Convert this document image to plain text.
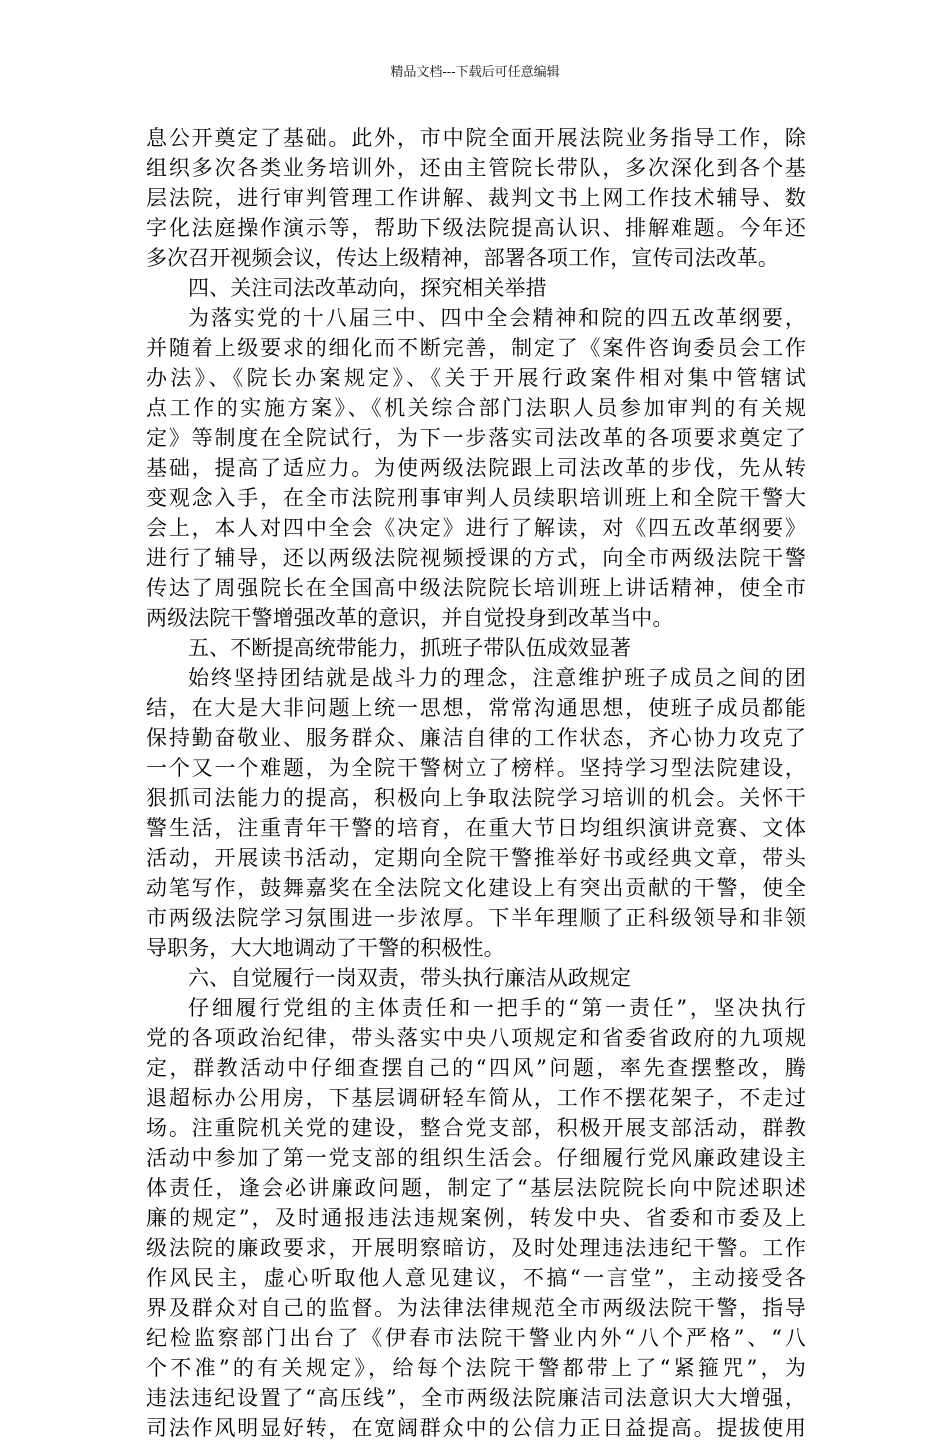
精品文档---下载后可任意编辑
息公开奠定了基础。此外，市中院全面开展法院业务指导工作，除
组织多次各类业务培训外，还由主管院长带队，多次深化到各个基
层法院，进行审判管理工作讲解、裁判文书上网工作技术辅导、数
字化法庭操作演示等，帮助下级法院提高认识、排解难题。今年还
多次召开视频会议，传达上级精神，部署各项工作，宣传司法改革。
四、关注司法改革动向，探究相关举措
为落实党的十八届三中、四中全会精神和院的四五改革纲要，
并随着上级要求的细化而不断完善，制定了《案件咨询委员会工作
办法》、《院长办案规定》、《关于开展行政案件相对集中管辖试
点工作的实施方案》、《机关综合部门法职人员参加审判的有关规
定》等制度在全院试行，为下一步落实司法改革的各项要求奠定了
基础，提高了适应力。为使两级法院跟上司法改革的步伐，先从转
变观念入手，在全市法院刑事审判人员续职培训班上和全院干警大
会上，本人对四中全会《决定》进行了解读，对《四五改革纲要》
进行了辅导，还以两级法院视频授课的方式，向全市两级法院干警
传达了周强院长在全国高中级法院院长培训班上讲话精神，使全市
两级法院干警增强改革的意识，并自觉投身到改革当中。
五、不断提高统带能力，抓班子带队伍成效显著
始终坚持团结就是战斗力的理念，注意维护班子成员之间的团
结，在大是大非问题上统一思想，常常沟通思想，使班子成员都能
保持勤奋敬业、服务群众、廉洁自律的工作状态，齐心协力攻克了
一个又一个难题，为全院干警树立了榜样。坚持学习型法院建设，
狠抓司法能力的提高，积极向上争取法院学习培训的机会。关怀干
警生活，注重青年干警的培育，在重大节日均组织演讲竞赛、文体
活动，开展读书活动，定期向全院干警推举好书或经典文章，带头
动笔写作，鼓舞嘉奖在全法院文化建设上有突出贡献的干警，使全
市两级法院学习氛围进一步浓厚。下半年理顺了正科级领导和非领
导职务，大大地调动了干警的积极性。
六、自觉履行一岗双责，带头执行廉洁从政规定
仔细履行党组的主体责任和一把手的“第一责任”，坚决执行
党的各项政治纪律，带头落实中央八项规定和省委省政府的九项规
定，群教活动中仔细查摆自己的“四风”问题，率先查摆整改，腾
退超标办公用房，下基层调研轻车简从，工作不摆花架子，不走过
场。注重院机关党的建设，整合党支部，积极开展支部活动，群教
活动中参加了第一党支部的组织生活会。仔细履行党风廉政建设主
体责任，逢会必讲廉政问题，制定了“基层法院院长向中院述职述
廉的规定”，及时通报违法违规案例，转发中央、省委和市委及上
级法院的廉政要求，开展明察暗访，及时处理违法违纪干警。工作
作风民主，虚心听取他人意见建议，不搞“一言堂”，主动接受各
界及群众对自己的监督。为法律法律规范全市两级法院干警，指导
纪检监察部门出台了《伊春市法院干警业内外“八个严格”、“八
个不准”的有关规定》，给每个法院干警都带上了“紧箍咒”，为
违法违纪设置了“高压线”，全市两级法院廉洁司法意识大大增强，
司法作风明显好转，在宽阔群众中的公信力正日益提高。提拔使用
